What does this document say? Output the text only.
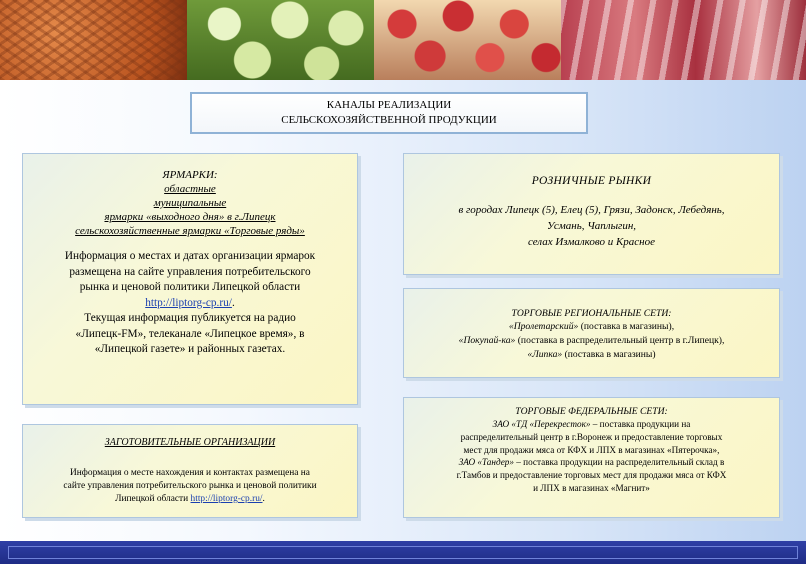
КАНАЛЫ РЕАЛИЗАЦИИ
СЕЛЬСКОХОЗЯЙСТВЕННОЙ ПРОДУКЦИИ
ЯРМАРКИ:
областные
муниципальные
ярмарки «выходного дня» в г.Липецк
сельскохозяйственные ярмарки «Торговые ряды»
Информация о местах и датах организации ярмарок
размещена на сайте управления потребительского
рынка и ценовой политики Липецкой области
http://liptorg-cp.ru/.
Текущая информация публикуется на радио
«Липецк-FM», телеканале «Липецкое время», в
«Липецкой газете» и районных газетах.
ЗАГОТОВИТЕЛЬНЫЕ ОРГАНИЗАЦИИ
Информация о месте нахождения и контактах размещена на
сайте управления потребительского рынка и ценовой политики
Липецкой области http://liptorg-cp.ru/.
РОЗНИЧНЫЕ РЫНКИ
в городах Липецк (5), Елец (5), Грязи, Задонск, Лебедянь,
Усмань, Чаплыгин,
селах Измалково и Красное
ТОРГОВЫЕ РЕГИОНАЛЬНЫЕ СЕТИ:
«Пролетарский» (поставка в магазины),
«Покупай-ка» (поставка в распределительный центр в г.Липецк),
«Липка» (поставка в магазины)
ТОРГОВЫЕ ФЕДЕРАЛЬНЫЕ СЕТИ:
ЗАО «ТД «Перекресток» – поставка продукции на
распределительный центр в г.Воронеж и предоставление торговых
мест для продажи мяса от КФХ и ЛПХ в магазинах «Пятерочка»,
ЗАО «Тандер» – поставка продукции на распределительный склад в
г.Тамбов и предоставление торговых мест для продажи мяса от КФХ
и ЛПХ в магазинах «Магнит»
